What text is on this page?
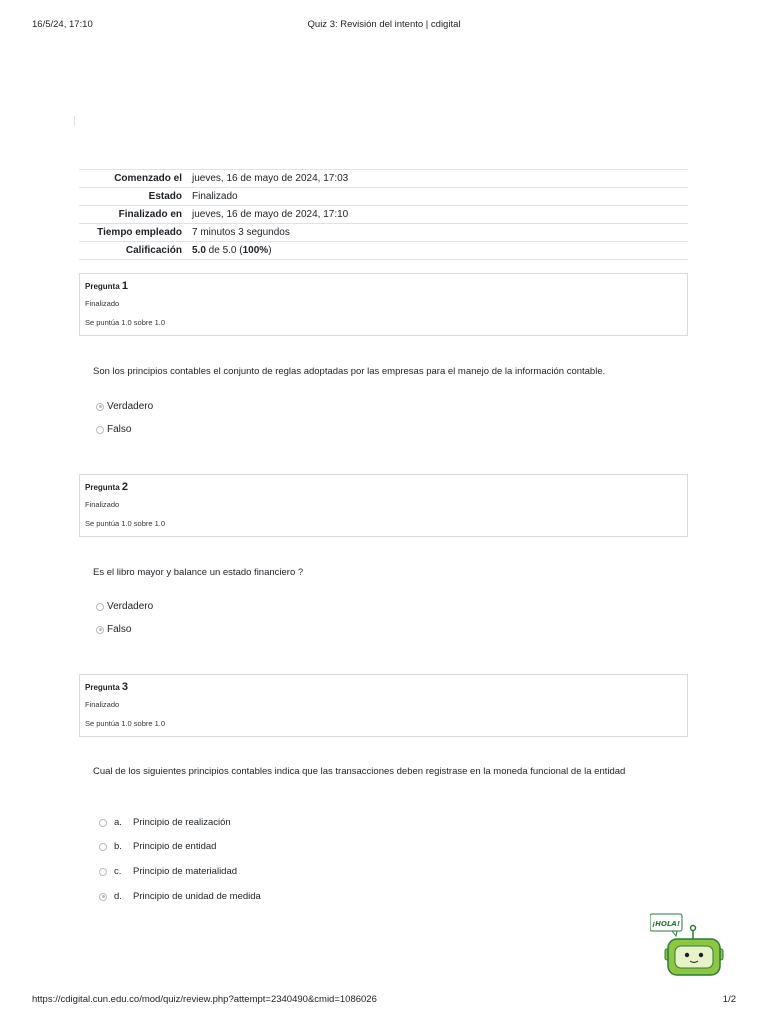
16/5/24, 17:10	Quiz 3: Revisión del intento | cdigital
Comenzado el	jueves, 16 de mayo de 2024, 17:03
Estado	Finalizado
Finalizado en	jueves, 16 de mayo de 2024, 17:10
Tiempo empleado	7 minutos 3 segundos
Calificación	5.0 de 5.0 (100%)
Pregunta 1
Finalizado
Se puntúa 1.0 sobre 1.0
Son los principios contables el conjunto de reglas adoptadas por las empresas para el manejo de la información contable.
Verdadero
Falso
Pregunta 2
Finalizado
Se puntúa 1.0 sobre 1.0
Es el libro mayor y balance un estado financiero ?
Verdadero
Falso
Pregunta 3
Finalizado
Se puntúa 1.0 sobre 1.0
Cual de los siguientes principios contables indica que las transacciones deben registrase en la moneda funcional de la entidad
a.	Principio de realización
b.	Principio de entidad
c.	Principio de materialidad
d.	Principio de unidad de medida
¡HOLA!
https://cdigital.cun.edu.co/mod/quiz/review.php?attempt=2340490&cmid=1086026	1/2
